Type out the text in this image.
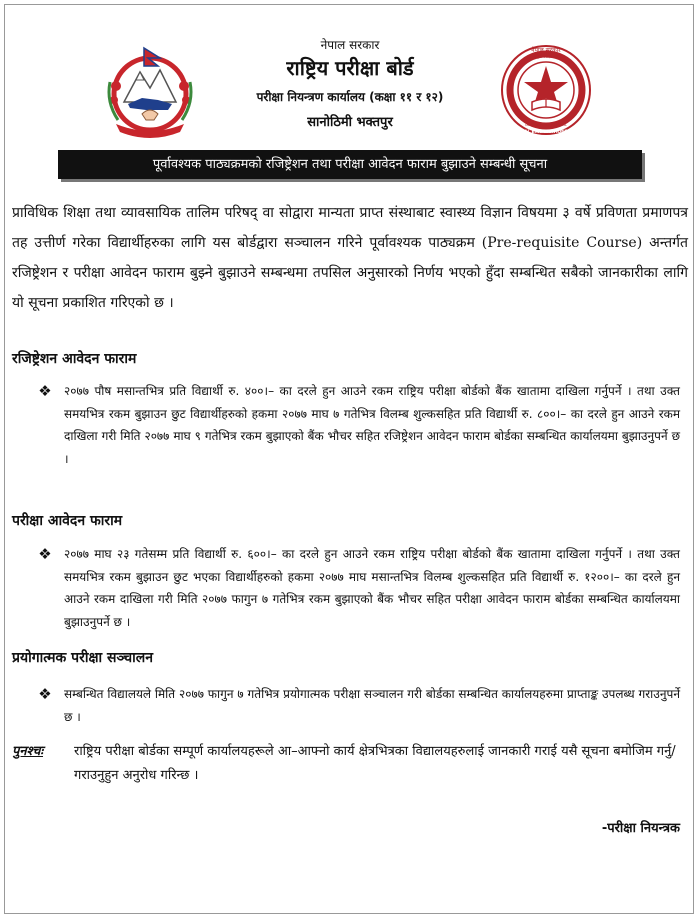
नेपाल सरकार
राष्ट्रिय परीक्षा बोर्ड
परीक्षा नियन्त्रण कार्यालय (कक्षा ११ र १२)
सानोठिमी भक्तपुर
नेपाल सरकार
NATIONAL EXAMINATIONS BOARD
राष्ट्रिय परीक्षा बोर्ड
GOVERNMENT OF NEPAL
पूर्वावश्यक पाठ्यक्रमको रजिष्ट्रेशन तथा परीक्षा आवेदन फाराम बुझाउने सम्बन्धी सूचना
प्राविधिक शिक्षा तथा व्यावसायिक तालिम परिषद् वा सोद्वारा मान्यता प्राप्त संस्थाबाट स्वास्थ्य विज्ञान विषयमा ३ वर्षे प्रविणता प्रमाणपत्र तह उत्तीर्ण गरेका विद्यार्थीहरुका लागि यस बोर्डद्वारा सञ्चालन गरिने पूर्वावश्यक पाठ्यक्रम (Pre-requisite Course) अन्तर्गत रजिष्ट्रेशन र परीक्षा आवेदन फाराम बुझ्ने बुझाउने सम्बन्धमा तपसिल अनुसारको निर्णय भएको हुँदा सम्बन्धित सबैको जानकारीका लागि यो सूचना प्रकाशित गरिएको छ ।
रजिष्ट्रेशन आवेदन फाराम
❖ २०७७ पौष मसान्तभित्र प्रति विद्यार्थी रु. ४००।– का दरले हुन आउने रकम राष्ट्रिय परीक्षा बोर्डको बैंक खातामा दाखिला गर्नुपर्ने । तथा उक्त समयभित्र रकम बुझाउन छुट विद्यार्थीहरुको हकमा २०७७ माघ ७ गतेभित्र विलम्ब शुल्कसहित प्रति विद्यार्थी रु. ८००।– का दरले हुन आउने रकम दाखिला गरी मिति २०७७ माघ ९ गतेभित्र रकम बुझाएको बैंक भौचर सहित रजिष्ट्रेशन आवेदन फाराम बोर्डका सम्बन्धित कार्यालयमा बुझाउनुपर्ने छ ।
परीक्षा आवेदन फाराम
❖ २०७७ माघ २३ गतेसम्म प्रति विद्यार्थी रु. ६००।– का दरले हुन आउने रकम राष्ट्रिय परीक्षा बोर्डको बैंक खातामा दाखिला गर्नुपर्ने । तथा उक्त समयभित्र रकम बुझाउन छुट भएका विद्यार्थीहरुको हकमा २०७७ माघ मसान्तभित्र विलम्ब शुल्कसहित प्रति विद्यार्थी रु. १२००।– का दरले हुन आउने रकम दाखिला गरी मिति २०७७ फागुन ७ गतेभित्र रकम बुझाएको बैंक भौचर सहित परीक्षा आवेदन फाराम बोर्डका सम्बन्धित कार्यालयमा बुझाउनुपर्ने छ ।
प्रयोगात्मक परीक्षा सञ्चालन
❖ सम्बन्धित विद्यालयले मिति २०७७ फागुन ७ गतेभित्र प्रयोगात्मक परीक्षा सञ्चालन गरी बोर्डका सम्बन्धित कार्यालयहरुमा प्राप्ताङ्क उपलब्ध गराउनुपर्ने छ ।
पुनश्चः राष्ट्रिय परीक्षा बोर्डका सम्पूर्ण कार्यालयहरूले आ–आफ्नो कार्य क्षेत्रभित्रका विद्यालयहरुलाई जानकारी गराई यसै सूचना बमोजिम गर्नु/गराउनुहुन अनुरोध गरिन्छ ।
-परीक्षा नियन्त्रक
